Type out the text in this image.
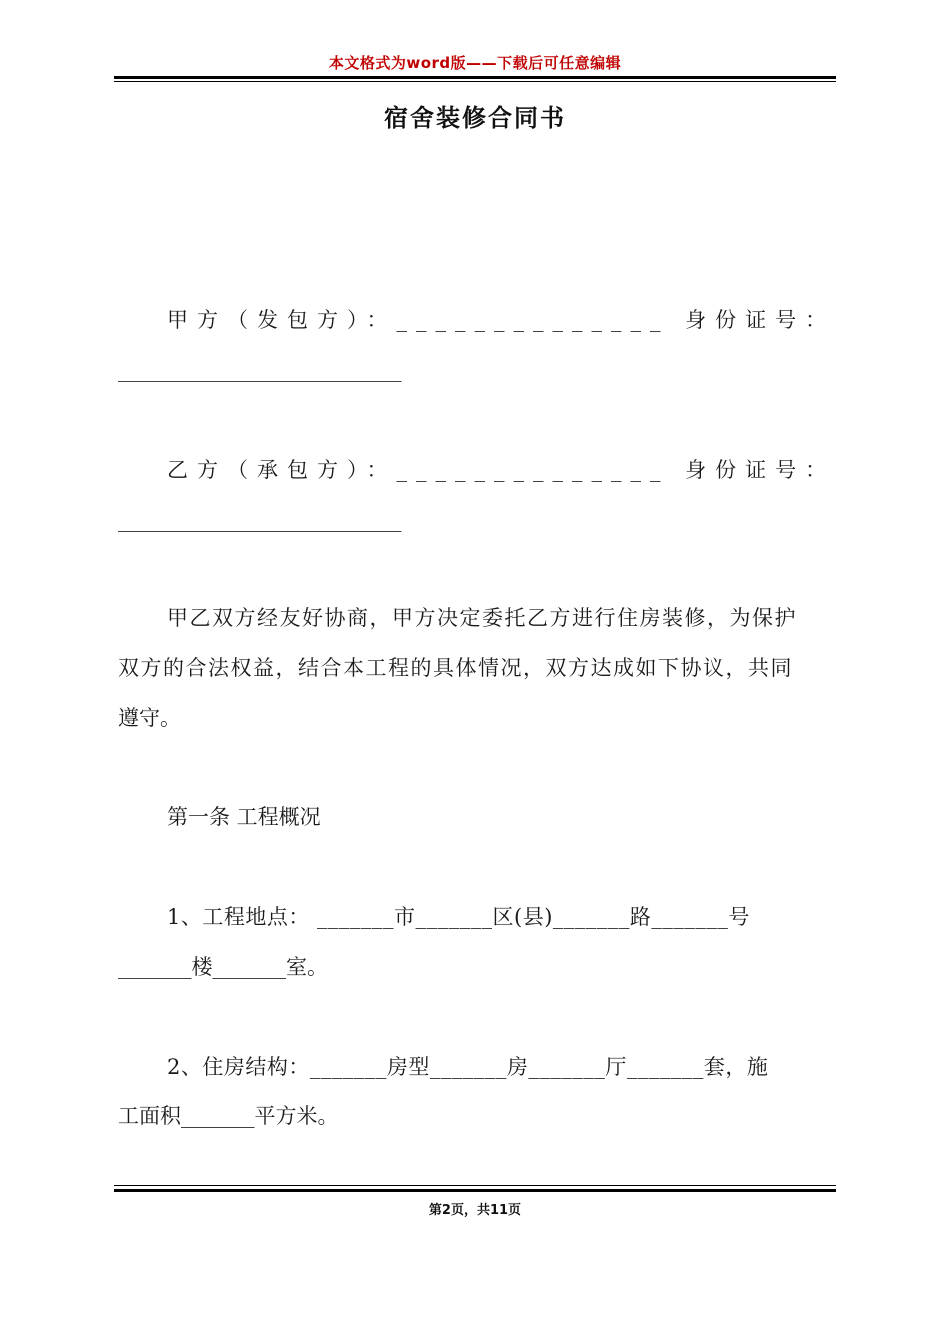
本文格式为word版——下载后可任意编辑
宿舍装修合同书
甲方（发包方）：______________ 身份证号：
___________________________
乙方（承包方）：______________ 身份证号：
___________________________
甲乙双方经友好协商，甲方决定委托乙方进行住房装修，为保护
双方的合法权益，结合本工程的具体情况，双方达成如下协议，共同
遵守。
第一条 工程概况
1、工程地点： _______市_______区(县)_______路_______号
_______楼_______室。
2、住房结构：_______房型_______房_______厅_______套，施
工面积_______平方米。
第2页，共11页
